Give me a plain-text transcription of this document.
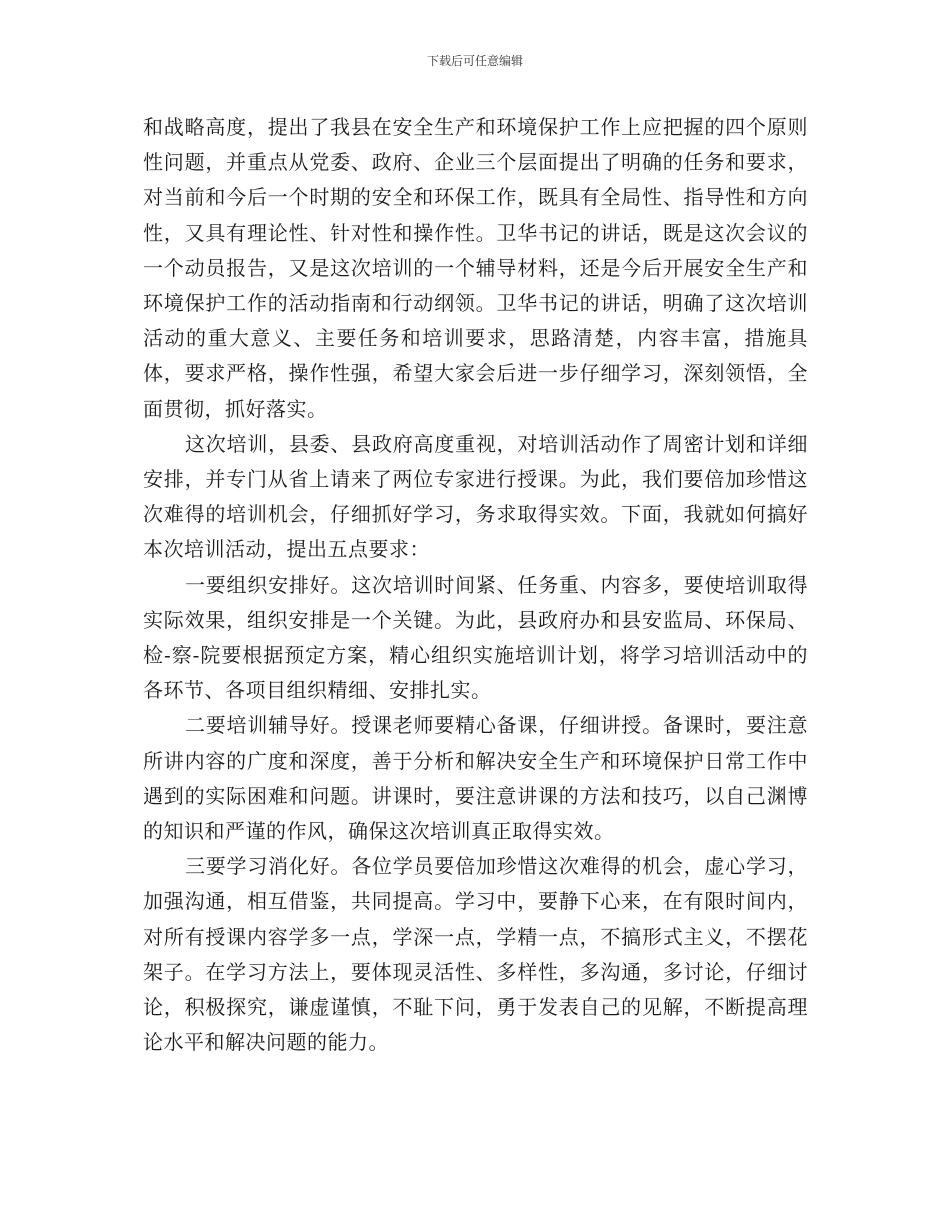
下载后可任意编辑

和战略高度，提出了我县在安全生产和环境保护工作上应把握的四个原则性问题，并重点从党委、政府、企业三个层面提出了明确的任务和要求，对当前和今后一个时期的安全和环保工作，既具有全局性、指导性和方向性，又具有理论性、针对性和操作性。卫华书记的讲话，既是这次会议的一个动员报告，又是这次培训的一个辅导材料，还是今后开展安全生产和环境保护工作的活动指南和行动纲领。卫华书记的讲话，明确了这次培训活动的重大意义、主要任务和培训要求，思路清楚，内容丰富，措施具体，要求严格，操作性强，希望大家会后进一步仔细学习，深刻领悟，全面贯彻，抓好落实。

这次培训，县委、县政府高度重视，对培训活动作了周密计划和详细安排，并专门从省上请来了两位专家进行授课。为此，我们要倍加珍惜这次难得的培训机会，仔细抓好学习，务求取得实效。下面，我就如何搞好本次培训活动，提出五点要求：

一要组织安排好。这次培训时间紧、任务重、内容多，要使培训取得实际效果，组织安排是一个关键。为此，县政府办和县安监局、环保局、检-察-院要根据预定方案，精心组织实施培训计划，将学习培训活动中的各环节、各项目组织精细、安排扎实。

二要培训辅导好。授课老师要精心备课，仔细讲授。备课时，要注意所讲内容的广度和深度，善于分析和解决安全生产和环境保护日常工作中遇到的实际困难和问题。讲课时，要注意讲课的方法和技巧，以自己渊博的知识和严谨的作风，确保这次培训真正取得实效。

三要学习消化好。各位学员要倍加珍惜这次难得的机会，虚心学习，加强沟通，相互借鉴，共同提高。学习中，要静下心来，在有限时间内，对所有授课内容学多一点，学深一点，学精一点，不搞形式主义，不摆花架子。在学习方法上，要体现灵活性、多样性，多沟通，多讨论，仔细讨论，积极探究，谦虚谨慎，不耻下问，勇于发表自己的见解，不断提高理论水平和解决问题的能力。
